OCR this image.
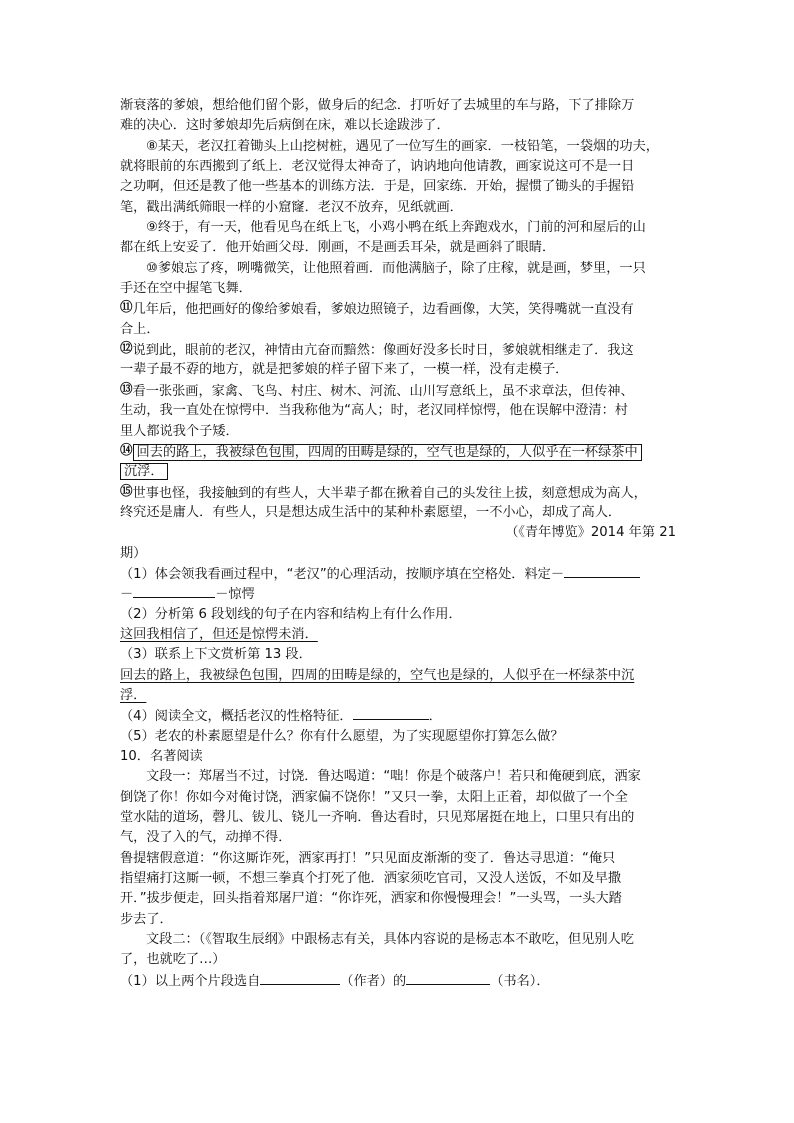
渐衰落的爹娘，想给他们留个影，做身后的纪念．打听好了去城里的车与路，下了排除万
难的决心．这时爹娘却先后病倒在床，难以长途跋涉了．
⑧某天，老汉扛着锄头上山挖树桩，遇见了一位写生的画家．一枝铅笔，一袋烟的功夫，
就将眼前的东西搬到了纸上．老汉觉得太神奇了，讷讷地向他请教，画家说这可不是一日
之功啊，但还是教了他一些基本的训练方法．于是，回家练．开始，握惯了锄头的手握铅
笔，戳出满纸筛眼一样的小窟窿．老汉不放弃，见纸就画．
⑨终于，有一天，他看见鸟在纸上飞，小鸡小鸭在纸上奔跑戏水，门前的河和屋后的山
都在纸上安妥了．他开始画父母．刚画，不是画丢耳朵，就是画斜了眼睛．
⑩爹娘忘了疼，咧嘴微笑，让他照着画．而他满脑子，除了庄稼，就是画，梦里，一只
手还在空中握笔飞舞．
⑪几年后，他把画好的像给爹娘看，爹娘边照镜子，边看画像，大笑，笑得嘴就一直没有
合上．
⑫说到此，眼前的老汉，神情由亢奋而黯然：像画好没多长时日，爹娘就相继走了．我这
一辈子最不孬的地方，就是把爹娘的样子留下来了，一模一样，没有走模子．
⑬看一张张画，家禽、飞鸟、村庄、树木、河流、山川写意纸上，虽不求章法，但传神、
生动，我一直处在惊愕中．当我称他为“高人；时，老汉同样惊愕，他在误解中澄清：村
里人都说我个子矮．
⑭ 回去的路上，我被绿色包围，四周的田畴是绿的，空气也是绿的，人似乎在一杯绿茶中
沉浮．
⑮世事也怪，我接触到的有些人，大半辈子都在揪着自己的头发往上拔，刻意想成为高人，
终究还是庸人．有些人，只是想达成生活中的某种朴素愿望，一不小心，却成了高人．
（《青年博览》2014 年第 21
期）
（1）体会领我看画过程中，“老汉”的心理活动，按顺序填在空格处．料定－
－	－惊愕
（2）分析第 6 段划线的句子在内容和结构上有什么作用．
这回我相信了，但还是惊愕未消．
（3）联系上下文赏析第 13 段．
回去的路上，我被绿色包围，四周的田畴是绿的，空气也是绿的，人似乎在一杯绿茶中沉
浮．
（4）阅读全文，概括老汉的性格特征．	．
（5）老农的朴素愿望是什么？你有什么愿望，为了实现愿望你打算怎么做？
10．名著阅读
文段一：郑屠当不过，讨饶．鲁达喝道：“咄！你是个破落户！若只和俺硬到底，洒家
倒饶了你！你如今对俺讨饶，洒家偏不饶你！”又只一拳，太阳上正着，却似做了一个全
堂水陆的道场，磬儿、钹儿、铙儿一齐响．鲁达看时，只见郑屠挺在地上，口里只有出的
气，没了入的气，动掸不得．
鲁提辖假意道：“你这厮诈死，洒家再打！”只见面皮渐渐的变了．鲁达寻思道：“俺只
指望痛打这厮一顿，不想三拳真个打死了他．洒家须吃官司，又没人送饭，不如及早撒
开．”拔步便走，回头指着郑屠尸道：“你诈死，洒家和你慢慢理会！”一头骂，一头大踏
步去了．
文段二：（《智取生辰纲》中跟杨志有关，具体内容说的是杨志本不敢吃，但见别人吃
了，也就吃了…）
（1）以上两个片段选自	（作者）的	（书名）．
